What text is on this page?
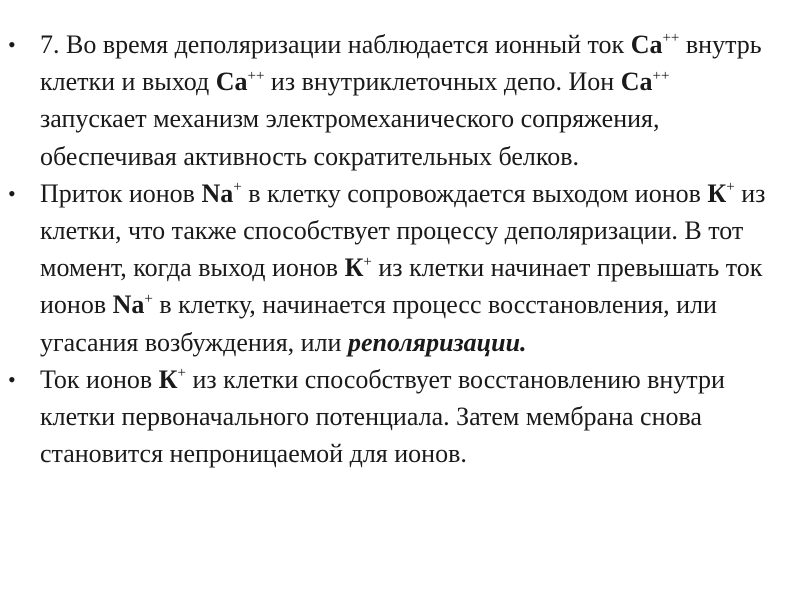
• 7. Во время деполяризации наблюдается ионный ток Ca++ внутрь клетки и выход Ca++ из внутриклеточных депо. Ион Ca++ запускает механизм электромеханического сопряжения, обеспечивая активность сократительных белков.
• Приток ионов Na+ в клетку сопровождается выходом ионов К+ из клетки, что также способствует процессу деполяризации. В тот момент, когда выход ионов К+ из клетки начинает превышать ток ионов Na+ в клетку, начинается процесс восстановления, или угасания возбуждения, или реполяризации.
• Ток ионов К+ из клетки способствует восстановлению внутри клетки первоначального потенциала. Затем мембрана снова становится непроницаемой для ионов.
